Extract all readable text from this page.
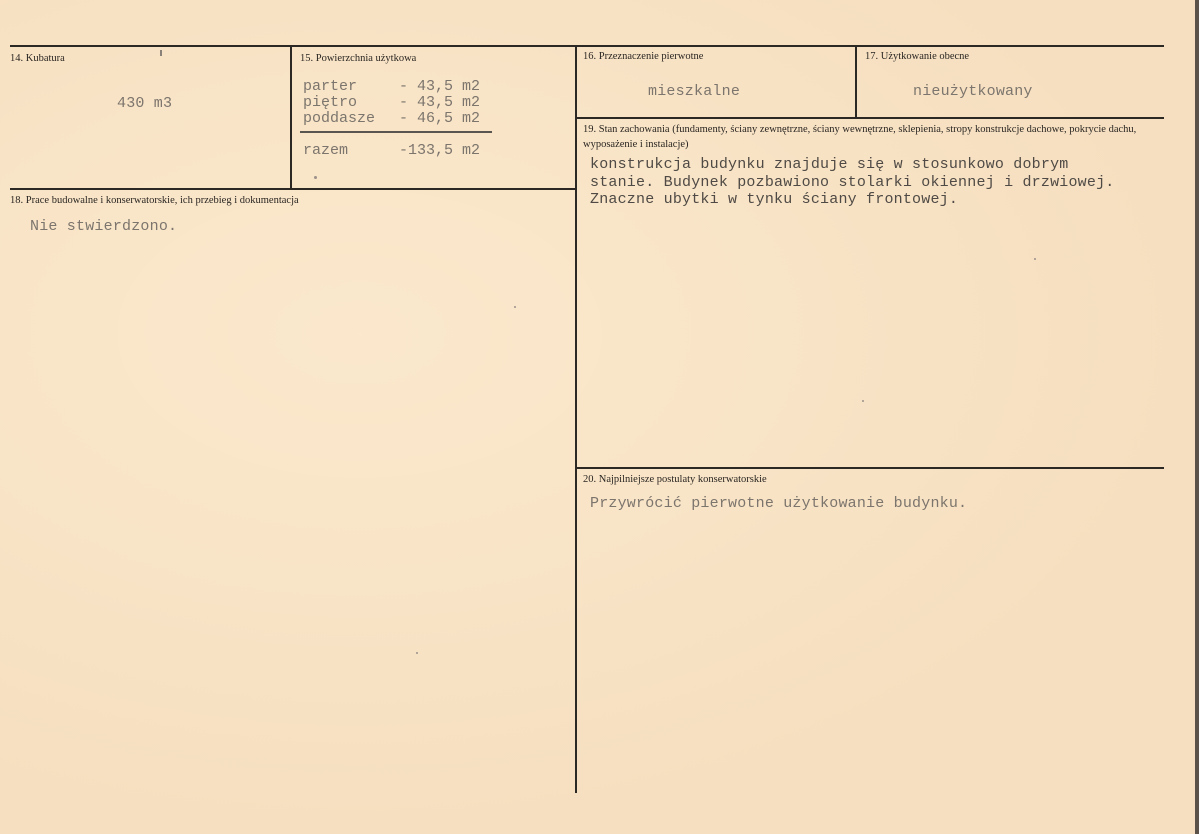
14. Kubatura
430 m3
15. Powierzchnia użytkowa
parter	- 43,5 m2
piętro	- 43,5 m2
poddasze - 46,5 m2
razem	-133,5 m2
16. Przeznaczenie pierwotne
mieszkalne
17. Użytkowanie obecne
nieużytkowany
18. Prace budowalne i konserwatorskie, ich przebieg i dokumentacja
Nie stwierdzono.
19. Stan zachowania (fundamenty, ściany zewnętrzne, ściany wewnętrzne, sklepienia, stropy konstrukcje dachowe, pokrycie dachu, wyposażenie i instalacje)
konstrukcja budynku znajduje się w stosunkowo dobrym
stanie. Budynek pozbawiono stolarki okiennej i drzwiowej.
Znaczne ubytki w tynku ściany frontowej.
20. Najpilniejsze postulaty konserwatorskie
Przywrócić pierwotne użytkowanie budynku.
